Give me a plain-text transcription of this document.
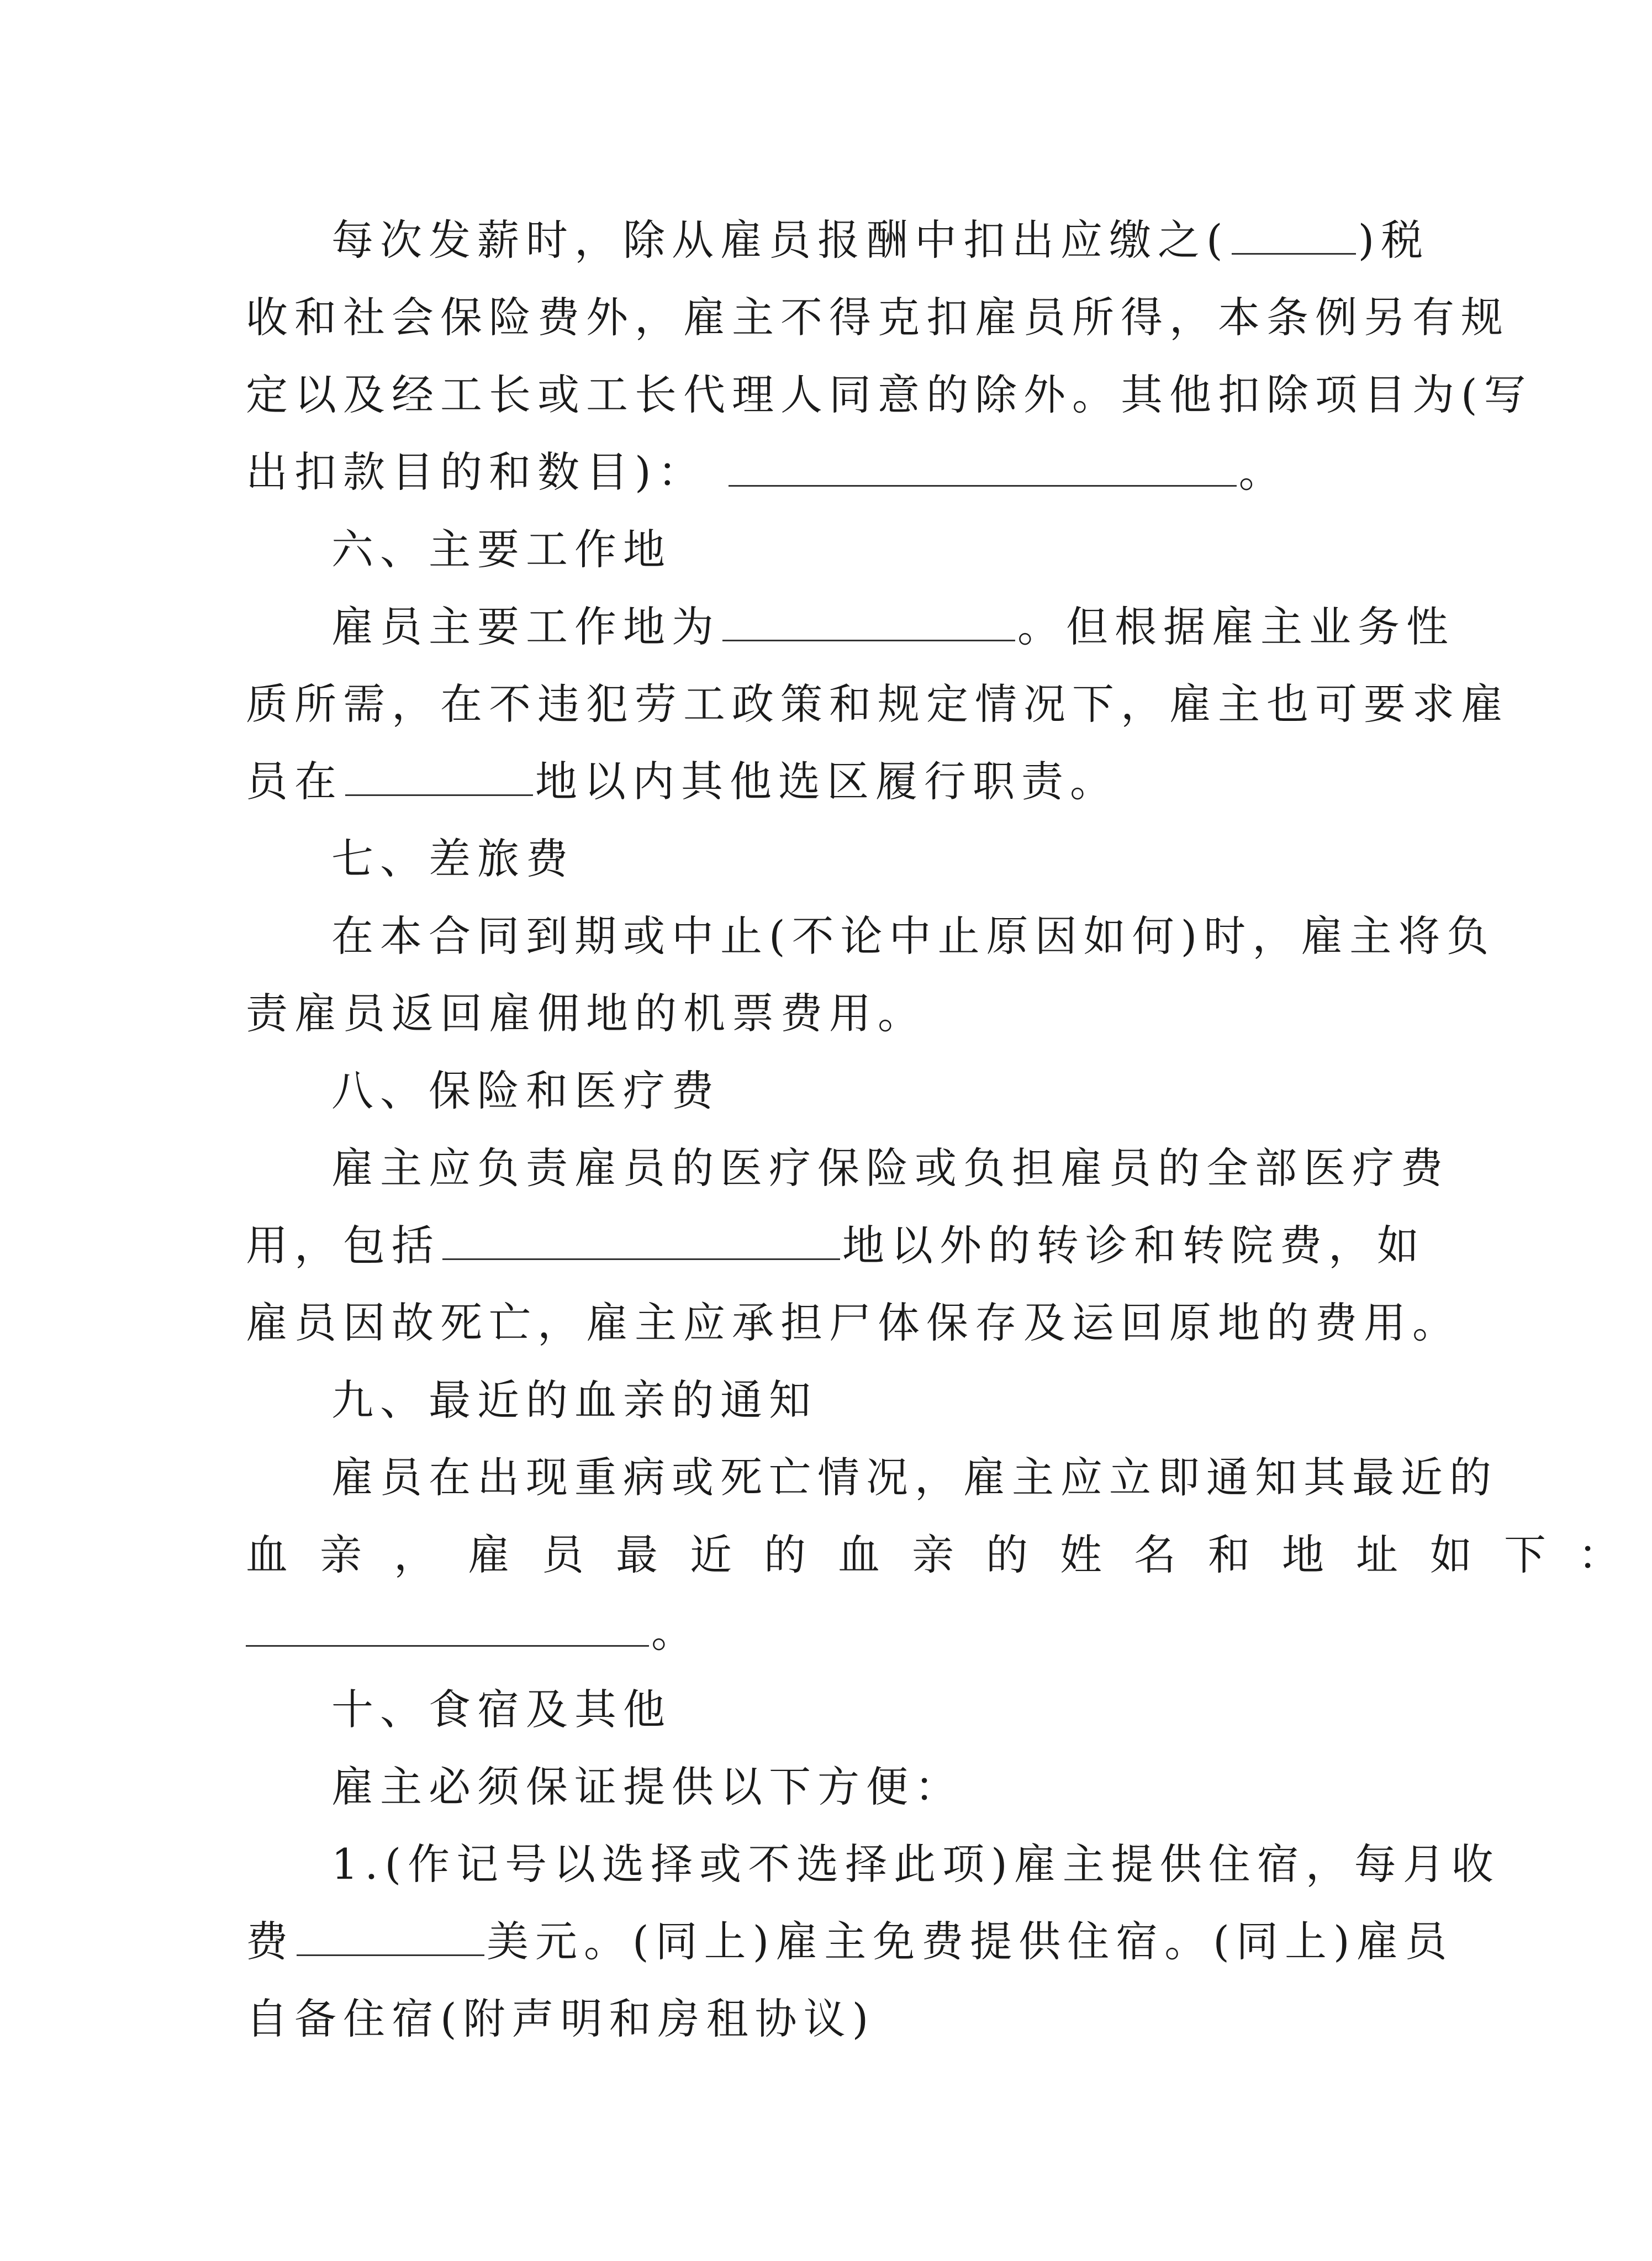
每次发薪时，除从雇员报酬中扣出应缴之(	)税
收和社会保险费外，雇主不得克扣雇员所得，本条例另有规
定以及经工长或工长代理人同意的除外。其他扣除项目为(写
出扣款目的和数目)：	。
六、主要工作地
雇员主要工作地为	。但根据雇主业务性
质所需，在不违犯劳工政策和规定情况下，雇主也可要求雇
员在	地以内其他选区履行职责。
七、差旅费
在本合同到期或中止(不论中止原因如何)时，雇主将负
责雇员返回雇佣地的机票费用。
八、保险和医疗费
雇主应负责雇员的医疗保险或负担雇员的全部医疗费
用，包括	地以外的转诊和转院费，如
雇员因故死亡，雇主应承担尸体保存及运回原地的费用。
九、最近的血亲的通知
雇员在出现重病或死亡情况，雇主应立即通知其最近的
血亲，雇员最近的血亲的姓名和地址如下：
。
十、食宿及其他
雇主必须保证提供以下方便：
1.(作记号以选择或不选择此项)雇主提供住宿，每月收
费	美元。(同上)雇主免费提供住宿。(同上)雇员
自备住宿(附声明和房租协议)
